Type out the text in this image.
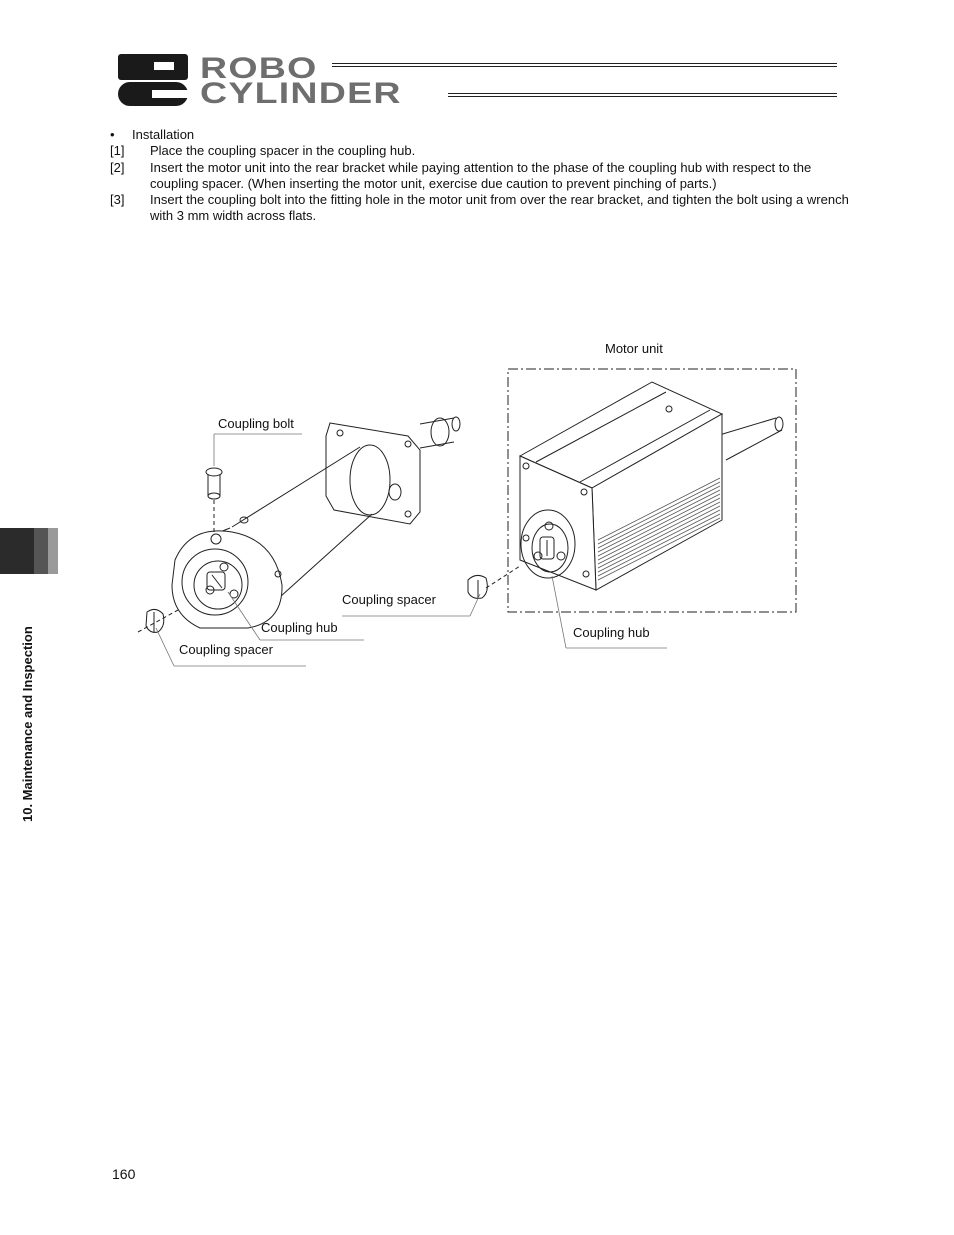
ROBO
CYLINDER
•	Installation
[1]	Place the coupling spacer in the coupling hub.
[2]	Insert the motor unit into the rear bracket while paying attention to the phase of the coupling hub with respect to the coupling spacer. (When inserting the motor unit, exercise due caution to prevent pinching of parts.)
[3]	Insert the coupling bolt into the fitting hole in the motor unit from over the rear bracket, and tighten the bolt using a wrench with 3 mm width across flats.
10. Maintenance and Inspection
Motor unit
Coupling bolt
Coupling spacer
Coupling hub
Coupling spacer
Coupling hub
160
